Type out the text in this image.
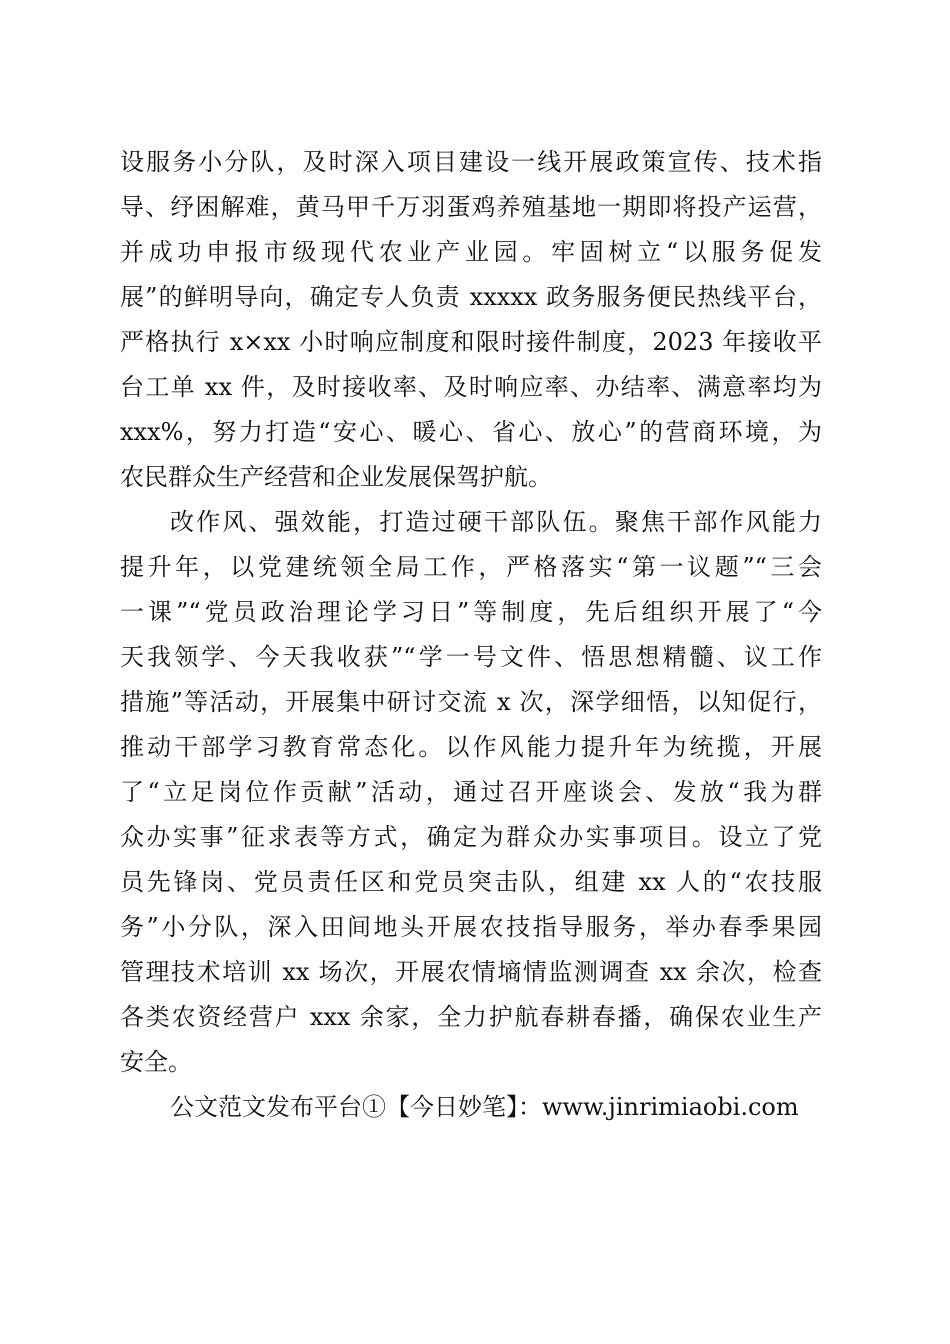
设服务小分队，及时深入项目建设一线开展政策宣传、技术指
导、纾困解难，黄马甲千万羽蛋鸡养殖基地一期即将投产运营，
并成功申报市级现代农业产业园。牢固树立“以服务促发
展”的鲜明导向，确定专人负责 xxxxx 政务服务便民热线平台，
严格执行 x×xx 小时响应制度和限时接件制度，2023 年接收平
台工单 xx 件，及时接收率、及时响应率、办结率、满意率均为
xxx%，努力打造“安心、暖心、省心、放心”的营商环境，为
农民群众生产经营和企业发展保驾护航。
改作风、强效能，打造过硬干部队伍。聚焦干部作风能力
提升年，以党建统领全局工作，严格落实“第一议题”“三会
一课”“党员政治理论学习日”等制度，先后组织开展了“今
天我领学、今天我收获”“学一号文件、悟思想精髓、议工作
措施”等活动，开展集中研讨交流 x 次，深学细悟，以知促行，
推动干部学习教育常态化。以作风能力提升年为统揽，开展
了“立足岗位作贡献”活动，通过召开座谈会、发放“我为群
众办实事”征求表等方式，确定为群众办实事项目。设立了党
员先锋岗、党员责任区和党员突击队，组建 xx 人的“农技服
务”小分队，深入田间地头开展农技指导服务，举办春季果园
管理技术培训 xx 场次，开展农情墒情监测调查 xx 余次，检查
各类农资经营户 xxx 余家，全力护航春耕春播，确保农业生产
安全。
公文范文发布平台①【今日妙笔】：www.jinrimiaobi.com
